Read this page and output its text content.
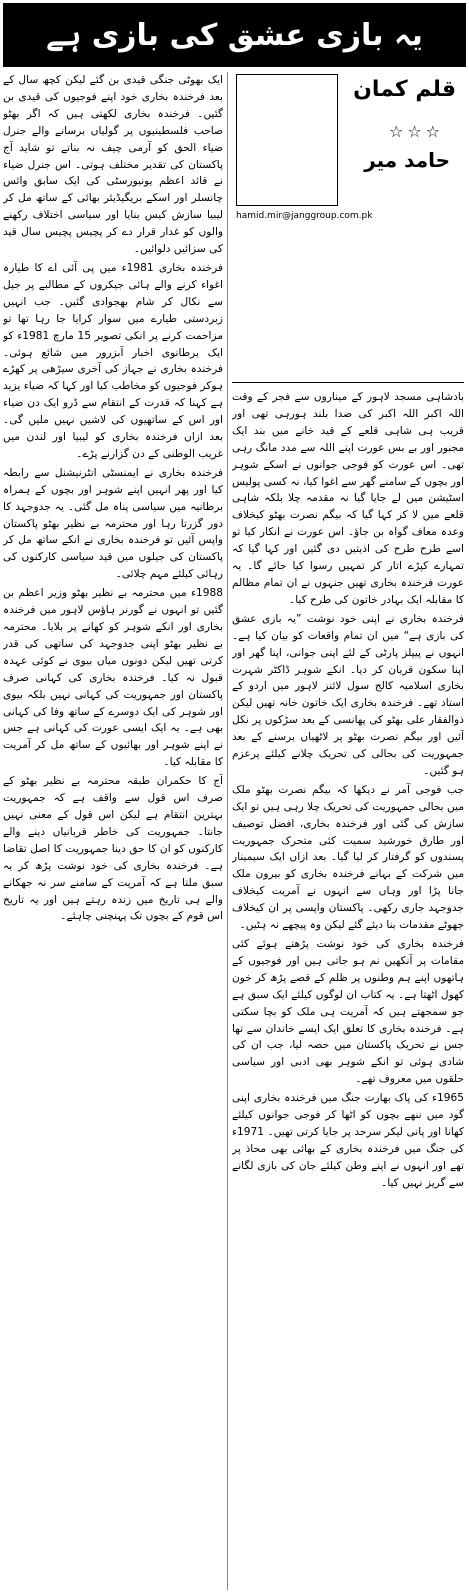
یہ بازی عشق کی بازی ہے

ایک بھوٹی جنگی قیدی بن گئے لیکن کچھ سال کے بعد فرخندہ بخاری خود اپنے فوجیوں کی قیدی بن گئیں۔ فرخندہ بخاری لکھتی ہیں کہ اگر بھٹو صاحب فلسطینیوں پر گولیاں برسانے والے جنرل ضیاء الحق کو آرمی چیف نہ بناتے تو شاید آج پاکستان کی تقدیر مختلف ہوتی۔ اس جنرل ضیاء نے قائد اعظم یونیورسٹی کی ایک سابق وائس چانسلر اور اسکے بریگیڈیئر بھائی کے ساتھ مل کر لیبیا سازش کیس بنایا اور سیاسی اختلاف رکھنے والوں کو غدار قرار دے کر پچیس پچیس سال قید کی سزائیں دلوائیں۔

فرخندہ بخاری 1981ء میں پی آئی اے کا طیارہ اغواء کرنے والے ہائی جیکروں کے مطالبے پر جیل سے نکال کر شام بھجوادی گئیں۔ جب انہیں زبردستی طیارے میں سوار کرایا جا رہا تھا تو مزاحمت کرنے پر انکی تصویر 15 مارچ 1981ء کو ایک برطانوی اخبار آبزرور میں شائع ہوئی۔ فرخندہ بخاری نے جہاز کی آخری سیڑھی پر کھڑے ہوکر فوجیوں کو مخاطب کیا اور کہا کہ ضیاء یزید ہے کہنا کہ قدرت کے انتقام سے ڈرو ایک دن ضیاء اور اس کے ساتھیوں کی لاشیں نہیں ملیں گی۔ بعد ازاں فرخندہ بخاری کو لیبیا اور لندن میں غریب الوطنی کے دن گزارنے پڑے۔

فرخندہ بخاری نے ایمنسٹی انٹرنیشنل سے رابطہ کیا اور پھر انہیں اپنے شوہر اور بچوں کے ہمراہ برطانیہ میں سیاسی پناہ مل گئی۔ یہ جدوجہد کا دور گزرتا رہا اور محترمہ بے نظیر بھٹو پاکستان واپس آئیں تو فرخندہ بخاری نے انکے ساتھ مل کر پاکستان کی جیلوں میں قید سیاسی کارکنوں کی رہائی کیلئے مہم چلائی۔

1988ء میں محترمہ بے نظیر بھٹو وزیر اعظم بن گئیں تو انہوں نے گورنر ہاؤس لاہور میں فرخندہ بخاری اور انکے شوہر کو کھانے پر بلایا۔ محترمہ بے نظیر بھٹو اپنی جدوجہد کی ساتھی کی قدر کرتی تھیں لیکن دونوں میاں بیوی نے کوئی عہدہ قبول نہ کیا۔ فرخندہ بخاری کی کہانی صرف پاکستان اور جمہوریت کی کہانی نہیں بلکہ بیوی اور شوہر کی ایک دوسرے کے ساتھ وفا کی کہانی بھی ہے۔ یہ ایک ایسی عورت کی کہانی ہے جس نے اپنے شوہر اور بھائیوں کے ساتھ مل کر آمریت کا مقابلہ کیا۔

آج کا حکمران طبقہ محترمہ بے نظیر بھٹو کے صرف اس قول سے واقف ہے کہ جمہوریت بہترین انتقام ہے لیکن اس قول کے معنی نہیں جانتا۔ جمہوریت کی خاطر قربانیاں دینے والے کارکنوں کو ان کا حق دینا جمہوریت کا اصل تقاضا ہے۔ فرخندہ بخاری کی خود نوشت پڑھ کر یہ سبق ملتا ہے کہ آمریت کے سامنے سر نہ جھکانے والے ہی تاریخ میں زندہ رہتے ہیں اور یہ تاریخ اس قوم کے بچوں تک پہنچنی چاہئے۔

قلم کمان
☆☆☆
حامد میر
hamid.mir@janggroup.com.pk

بادشاہی مسجد لاہور کے میناروں سے فجر کے وقت اللہ اکبر اللہ اکبر کی صدا بلند ہورہی تھی اور قریب ہی شاہی قلعے کے قید خانے میں بند ایک مجبور اور بے بس عورت اپنے اللہ سے مدد مانگ رہی تھی۔ اس عورت کو فوجی جوانوں نے اسکے شوہر اور بچوں کے سامنے گھر سے اغوا کیا، نہ کسی پولیس اسٹیشن میں لے جایا گیا نہ مقدمہ چلا بلکہ شاہی قلعے میں لا کر کہا گیا کہ بیگم نصرت بھٹو کیخلاف وعدہ معاف گواہ بن جاؤ۔ اس عورت نے انکار کیا تو اسے طرح طرح کی اذیتیں دی گئیں اور کہا گیا کہ تمہارے کپڑے اتار کر تمہیں رسوا کیا جائے گا۔ یہ عورت فرخندہ بخاری تھیں جنہوں نے ان تمام مظالم کا مقابلہ ایک بہادر خاتون کی طرح کیا۔

فرخندہ بخاری نے اپنی خود نوشت ”یہ بازی عشق کی بازی ہے“ میں ان تمام واقعات کو بیان کیا ہے۔ انہوں نے پیپلز پارٹی کے لئے اپنی جوانی، اپنا گھر اور اپنا سکون قربان کر دیا۔ انکے شوہر ڈاکٹر شہرت بخاری اسلامیہ کالج سول لائنز لاہور میں اردو کے استاد تھے۔ فرخندہ بخاری ایک خاتون خانہ تھیں لیکن ذوالفقار علی بھٹو کی پھانسی کے بعد سڑکوں پر نکل آئیں اور بیگم نصرت بھٹو پر لاٹھیاں برسنے کے بعد جمہوریت کی بحالی کی تحریک چلانے کیلئے پرعزم ہو گئیں۔

جب فوجی آمر نے دیکھا کہ بیگم نصرت بھٹو ملک میں بحالی جمہوریت کی تحریک چلا رہی ہیں تو ایک سازش کی گئی اور فرخندہ بخاری، افضل توصیف اور طارق خورشید سمیت کئی متحرک جمہوریت پسندوں کو گرفتار کر لیا گیا۔ بعد ازاں ایک سیمینار میں شرکت کے بہانے فرخندہ بخاری کو بیرون ملک جانا پڑا اور وہاں سے انہوں نے آمریت کیخلاف جدوجہد جاری رکھی۔ پاکستان واپسی پر ان کیخلاف جھوٹے مقدمات بنا دیئے گئے لیکن وہ پیچھے نہ ہٹیں۔

فرخندہ بخاری کی خود نوشت پڑھتے ہوئے کئی مقامات پر آنکھیں نم ہو جاتی ہیں اور فوجیوں کے ہاتھوں اپنے ہم وطنوں پر ظلم کے قصے پڑھ کر خون کھول اٹھتا ہے۔ یہ کتاب ان لوگوں کیلئے ایک سبق ہے جو سمجھتے ہیں کہ آمریت ہی ملک کو بچا سکتی ہے۔ فرخندہ بخاری کا تعلق ایک ایسے خاندان سے تھا جس نے تحریک پاکستان میں حصہ لیا، جب ان کی شادی ہوئی تو انکے شوہر بھی ادبی اور سیاسی حلقوں میں معروف تھے۔

1965ء کی پاک بھارت جنگ میں فرخندہ بخاری اپنی گود میں ننھے بچوں کو اٹھا کر فوجی جوانوں کیلئے کھانا اور پانی لیکر سرحد پر جایا کرتی تھیں۔ 1971ء کی جنگ میں فرخندہ بخاری کے بھائی بھی محاذ پر تھے اور انہوں نے اپنے وطن کیلئے جان کی بازی لگانے سے گریز نہیں کیا۔
